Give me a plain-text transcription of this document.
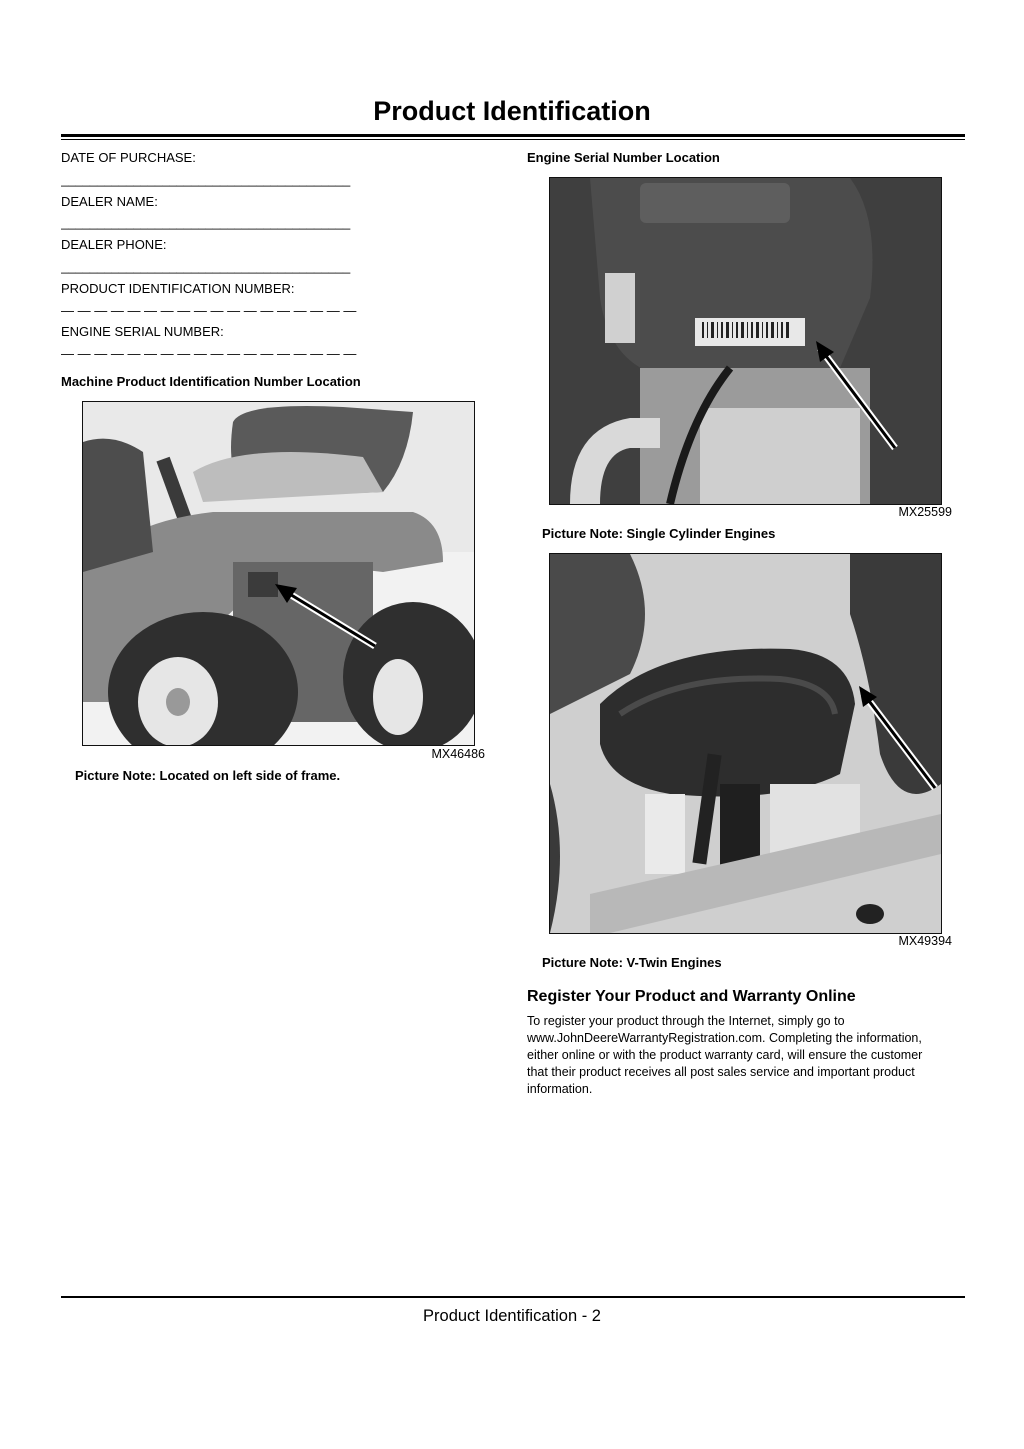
Product Identification
DATE OF PURCHASE:
________________________________________
DEALER NAME:
________________________________________
DEALER PHONE:
________________________________________
PRODUCT IDENTIFICATION NUMBER:
— — — — — — — — — — — — — — — — — —
ENGINE SERIAL NUMBER:
— — — — — — — — — — — — — — — — — —
Machine Product Identification Number Location
MX46486
Picture Note: Located on left side of frame.
Engine Serial Number Location
MX25599
Picture Note: Single Cylinder Engines
MX49394
Picture Note: V-Twin Engines
Register Your Product and Warranty Online
To register your product through the Internet, simply go to
www.JohnDeereWarrantyRegistration.com. Completing the information,
either online or with the product warranty card, will ensure the customer
that their product receives all post sales service and important product
information.
Product Identification - 2
